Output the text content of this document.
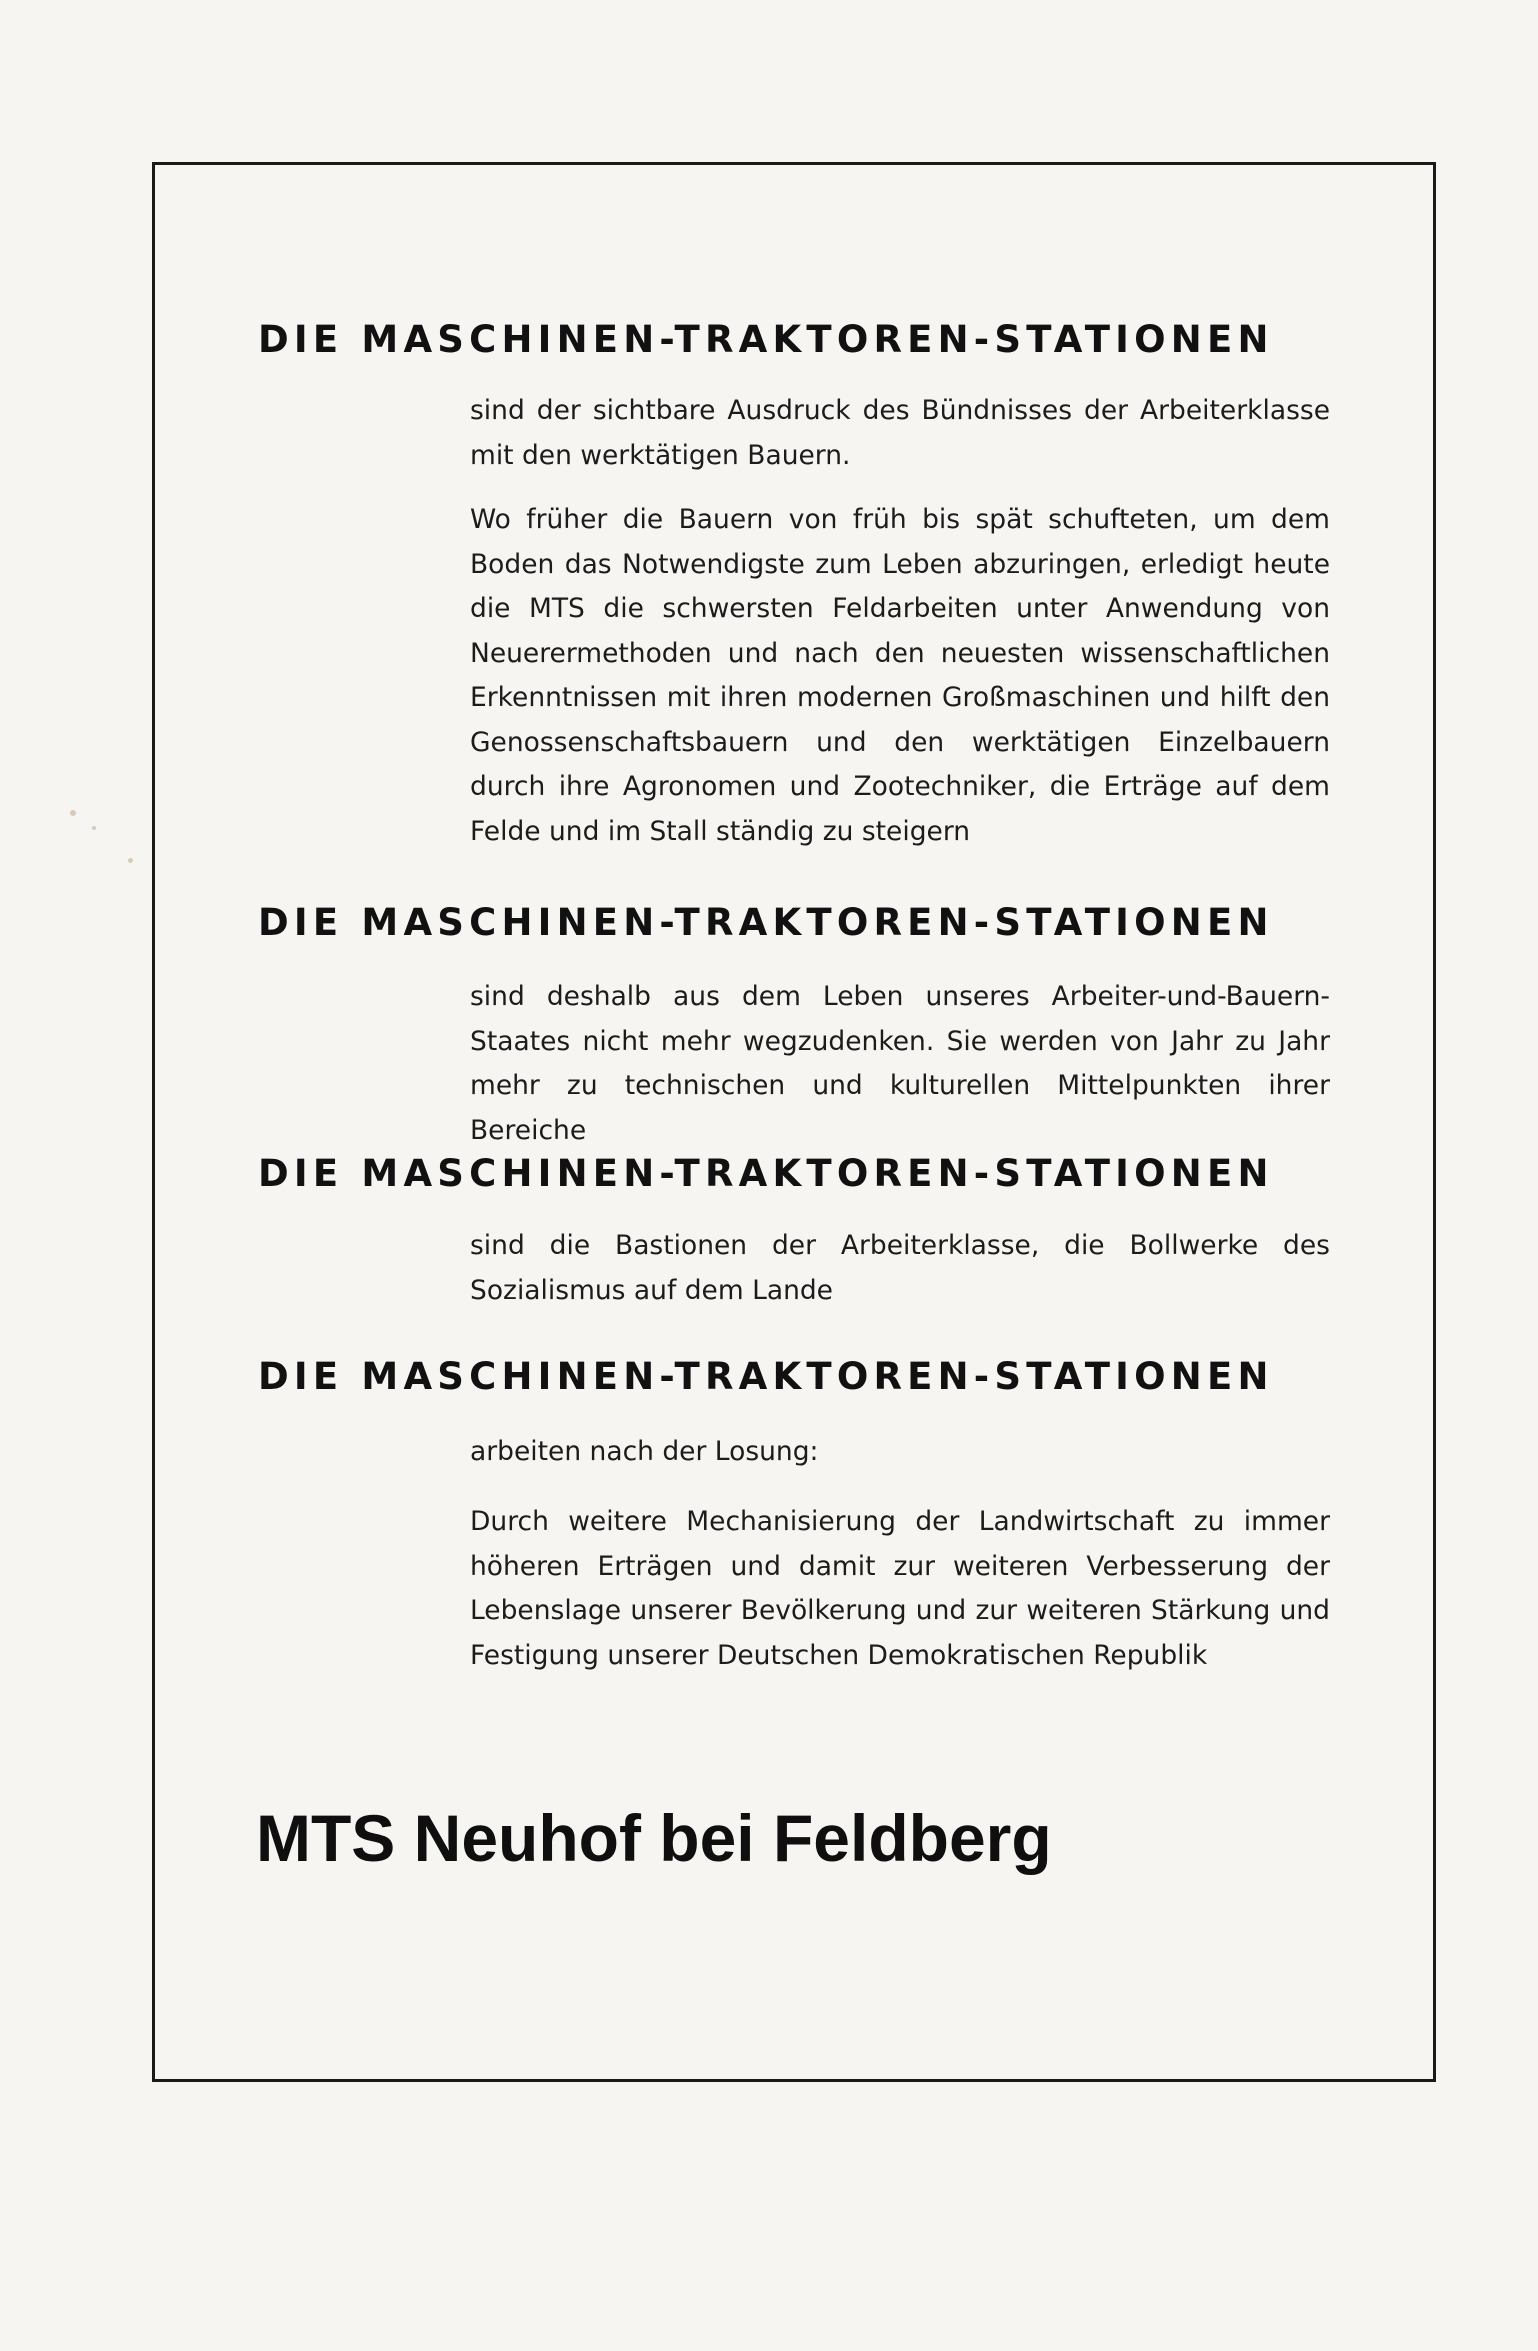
DIE MASCHINEN-TRAKTOREN-STATIONEN
sind der sichtbare Ausdruck des Bündnisses der Arbeiterklasse mit den werktätigen Bauern.
Wo früher die Bauern von früh bis spät schufteten, um dem Boden das Notwendigste zum Leben abzuringen, erledigt heute die MTS die schwersten Feldarbeiten unter Anwendung von Neuerermethoden und nach den neuesten wissenschaftlichen Erkenntnissen mit ihren modernen Großmaschinen und hilft den Genossenschaftsbauern und den werktätigen Einzelbauern durch ihre Agronomen und Zootechniker, die Erträge auf dem Felde und im Stall ständig zu steigern
DIE MASCHINEN-TRAKTOREN-STATIONEN
sind deshalb aus dem Leben unseres Arbeiter-und-Bauern-Staates nicht mehr wegzudenken. Sie werden von Jahr zu Jahr mehr zu technischen und kulturellen Mittelpunkten ihrer Bereiche
DIE MASCHINEN-TRAKTOREN-STATIONEN
sind die Bastionen der Arbeiterklasse, die Bollwerke des Sozialismus auf dem Lande
DIE MASCHINEN-TRAKTOREN-STATIONEN
arbeiten nach der Losung:
Durch weitere Mechanisierung der Landwirtschaft zu immer höheren Erträgen und damit zur weiteren Verbesserung der Lebenslage unserer Bevölkerung und zur weiteren Stärkung und Festigung unserer Deutschen Demokratischen Republik
MTS Neuhof bei Feldberg
